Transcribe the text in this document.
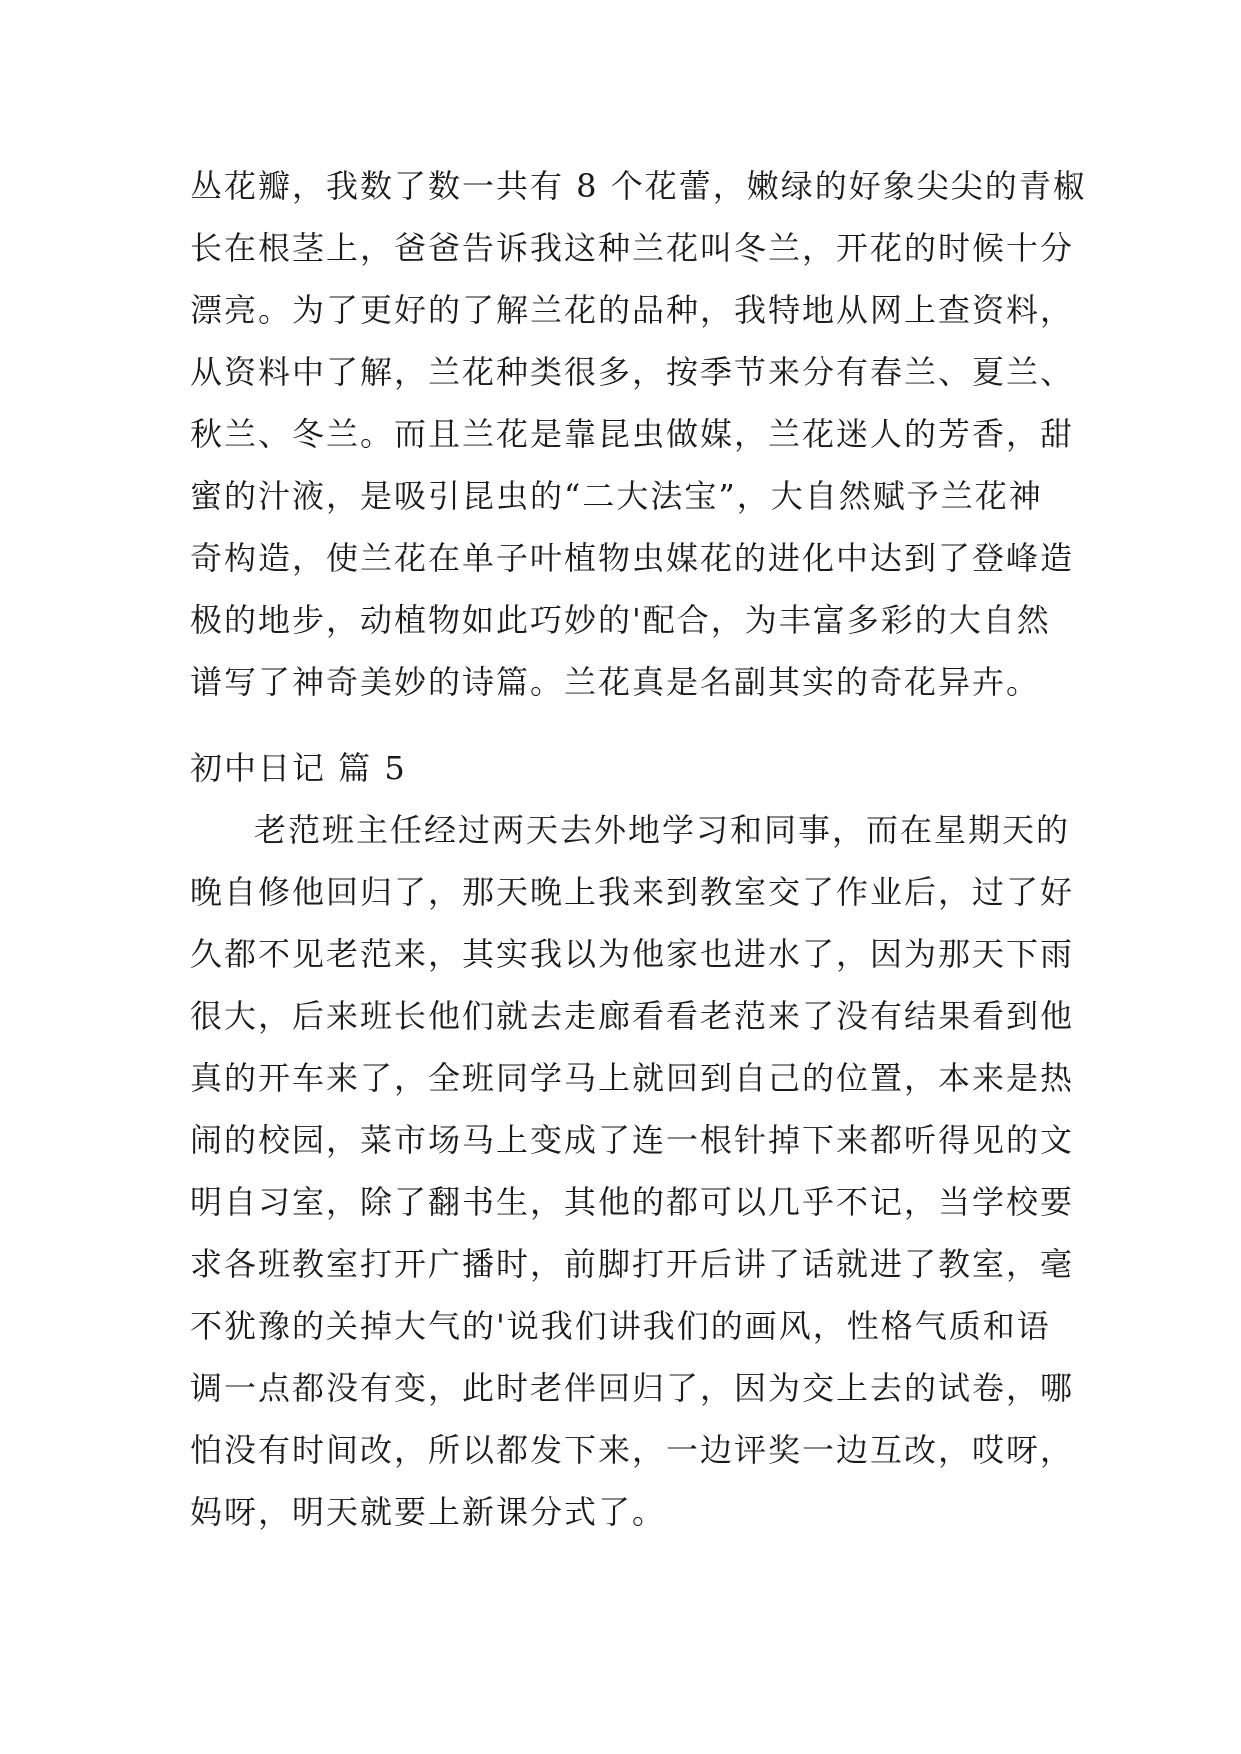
丛花瓣，我数了数一共有 8 个花蕾，嫩绿的好象尖尖的青椒
长在根茎上，爸爸告诉我这种兰花叫冬兰，开花的时候十分
漂亮。为了更好的了解兰花的品种，我特地从网上查资料，
从资料中了解，兰花种类很多，按季节来分有春兰、夏兰、
秋兰、冬兰。而且兰花是靠昆虫做媒，兰花迷人的芳香，甜
蜜的汁液，是吸引昆虫的“二大法宝”，大自然赋予兰花神
奇构造，使兰花在单子叶植物虫媒花的进化中达到了登峰造
极的地步，动植物如此巧妙的'配合，为丰富多彩的大自然
谱写了神奇美妙的诗篇。兰花真是名副其实的奇花异卉。
初中日记 篇 5
老范班主任经过两天去外地学习和同事，而在星期天的
晚自修他回归了，那天晚上我来到教室交了作业后，过了好
久都不见老范来，其实我以为他家也进水了，因为那天下雨
很大，后来班长他们就去走廊看看老范来了没有结果看到他
真的开车来了，全班同学马上就回到自己的位置，本来是热
闹的校园，菜市场马上变成了连一根针掉下来都听得见的文
明自习室，除了翻书生，其他的都可以几乎不记，当学校要
求各班教室打开广播时，前脚打开后讲了话就进了教室，毫
不犹豫的关掉大气的'说我们讲我们的画风，性格气质和语
调一点都没有变，此时老伴回归了，因为交上去的试卷，哪
怕没有时间改，所以都发下来，一边评奖一边互改，哎呀，
妈呀，明天就要上新课分式了。
